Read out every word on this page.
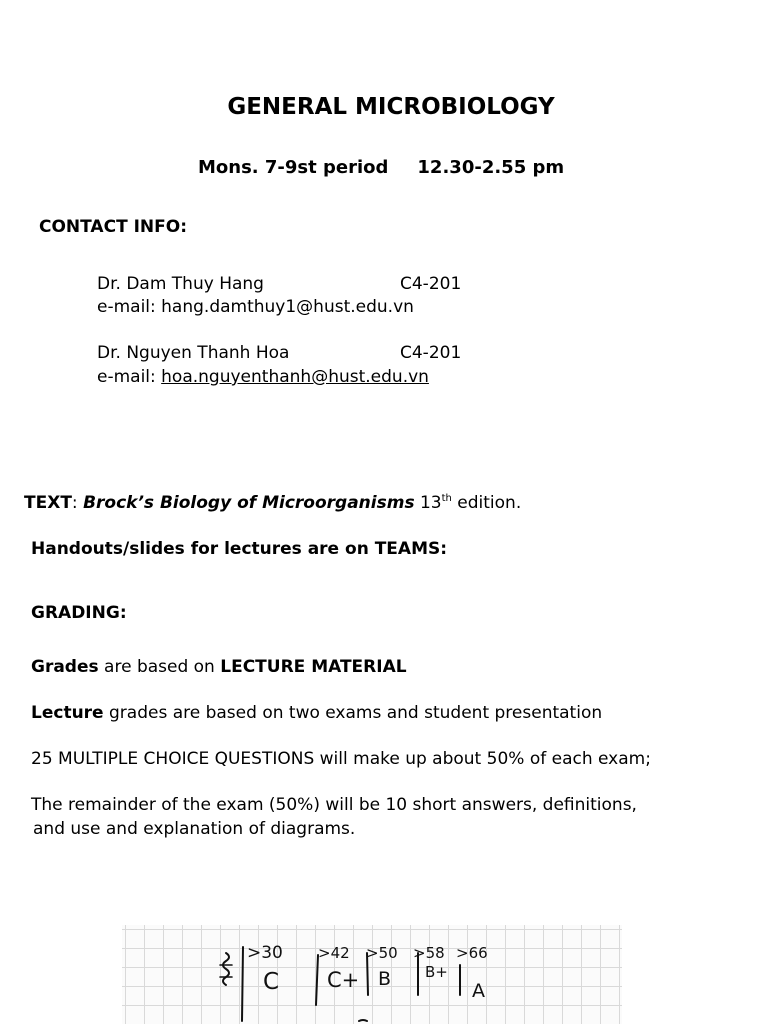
GENERAL MICROBIOLOGY
Mons. 7-9st period 12.30-2.55 pm
CONTACT INFO:
Dr. Dam Thuy Hang	C4-201
e-mail: hang.damthuy1@hust.edu.vn
Dr. Nguyen Thanh Hoa	C4-201
e-mail: hoa.nguyenthanh@hust.edu.vn
TEXT: Brock’s Biology of Microorganisms 13th edition.
Handouts/slides for lectures are on TEAMS:
GRADING:
Grades are based on LECTURE MATERIAL
Lecture grades are based on two exams and student presentation
25 MULTIPLE CHOICE QUESTIONS will make up about 50% of each exam;
The remainder of the exam (50%) will be 10 short answers, definitions,
and use and explanation of diagrams.
>30 >42 >50 >58 >66
C C+ B B+
A
